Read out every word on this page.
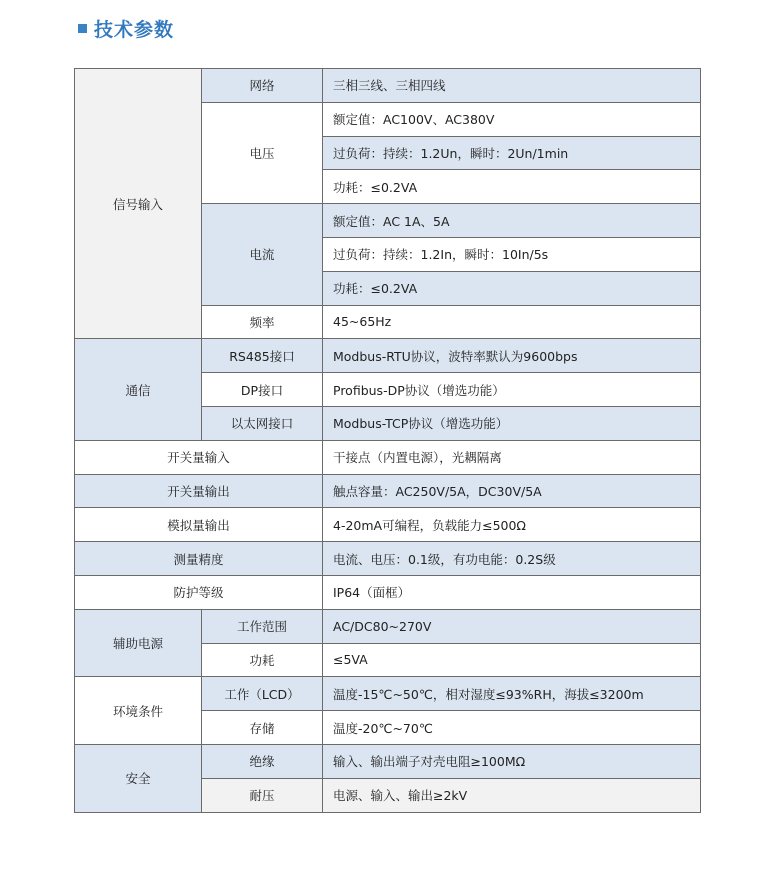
技术参数
信号输入	网络	三相三线、三相四线
	电压	额定值：AC100V、AC380V
		过负荷：持续：1.2Un，瞬时：2Un/1min
		功耗：≤0.2VA
	电流	额定值：AC 1A、5A
		过负荷：持续：1.2In，瞬时：10In/5s
		功耗：≤0.2VA
	频率	45~65Hz
通信	RS485接口	Modbus-RTU协议，波特率默认为9600bps
	DP接口	Profibus-DP协议（增选功能）
	以太网接口	Modbus-TCP协议（增选功能）
开关量输入		干接点（内置电源），光耦隔离
开关量输出		触点容量：AC250V/5A，DC30V/5A
模拟量输出		4-20mA可编程，负载能力≤500Ω
测量精度		电流、电压：0.1级，有功电能：0.2S级
防护等级		IP64（面框）
辅助电源	工作范围	AC/DC80~270V
	功耗	≤5VA
环境条件	工作（LCD）	温度-15℃~50℃，相对湿度≤93%RH，海拔≤3200m
	存储	温度-20℃~70℃
安全	绝缘	输入、输出端子对壳电阻≥100MΩ
	耐压	电源、输入、输出≥2kV
